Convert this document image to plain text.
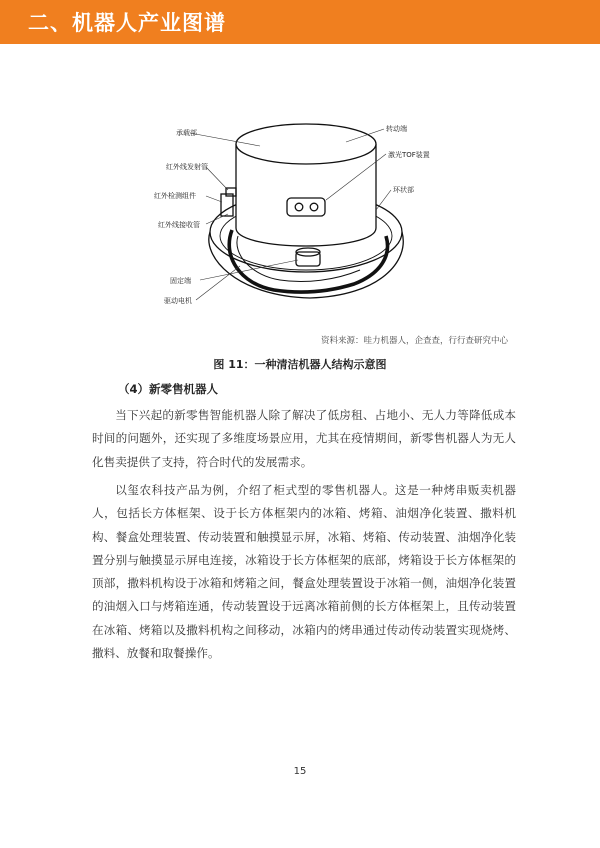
二、机器人产业图谱
承载部	转动端
红外线发射管
激光TOF装置
红外检测组件
环状部
红外线接收管
固定端
驱动电机
资料来源：哇力机器人，企查查，行行查研究中心
图 11：一种清洁机器人结构示意图
（4）新零售机器人

当下兴起的新零售智能机器人除了解决了低房租、占地小、无人力等降低成本时间的问题外，还实现了多维度场景应用，尤其在疫情期间，新零售机器人为无人化售卖提供了支持，符合时代的发展需求。

以玺农科技产品为例，介绍了柜式型的零售机器人。这是一种烤串贩卖机器人，包括长方体框架、设于长方体框架内的冰箱、烤箱、油烟净化装置、撒料机构、餐盒处理装置、传动装置和触摸显示屏，冰箱、烤箱、传动装置、油烟净化装置分别与触摸显示屏电连接，冰箱设于长方体框架的底部，烤箱设于长方体框架的顶部，撒料机构设于冰箱和烤箱之间，餐盒处理装置设于冰箱一侧，油烟净化装置的油烟入口与烤箱连通，传动装置设于远离冰箱前侧的长方体框架上，且传动装置在冰箱、烤箱以及撒料机构之间移动，冰箱内的烤串通过传动传动装置实现烧烤、撒料、放餐和取餐操作。

15
